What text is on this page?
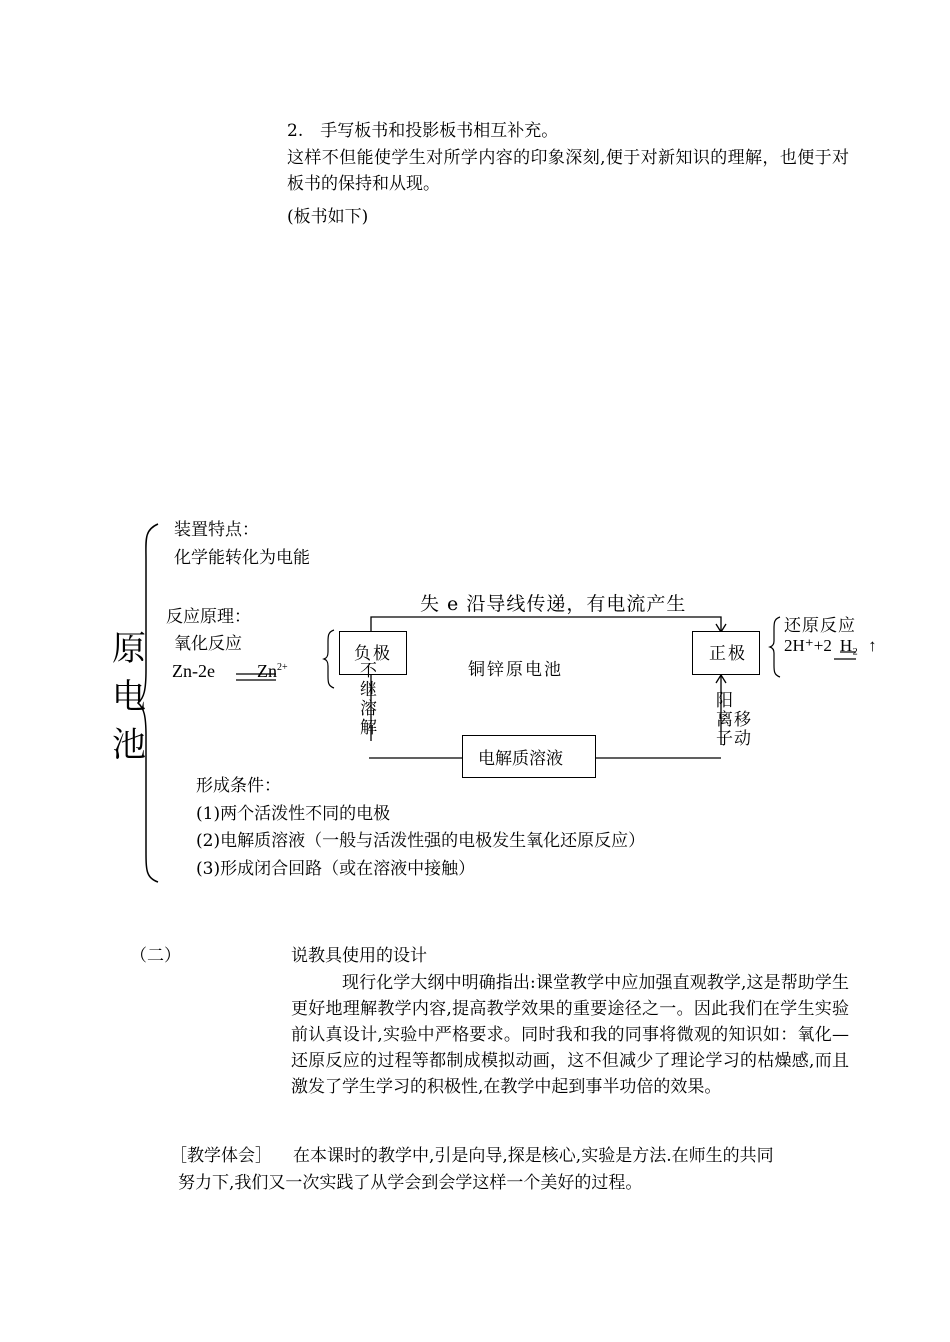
2.　手写板书和投影板书相互补充。
这样不但能使学生对所学内容的印象深刻,便于对新知识的理解，也便于对板书的保持和从现。
(板书如下)
原
电
池
装置特点：
化学能转化为电能
反应原理：
氧化反应
Zn-2e $Zn^{2+}$
失 e 沿导线传递，有电流产生
负极	正极
铜锌原电池
不
继
溶
解
阳
离
子
移
动
电解质溶液
还原反应
2H⁺+2 H₂ ↑
形成条件：
(1)两个活泼性不同的电极
(2)电解质溶液（一般与活泼性强的电极发生氧化还原反应）
(3)形成闭合回路（或在溶液中接触）
（二）	说教具使用的设计
现行化学大纲中明确指出:课堂教学中应加强直观教学,这是帮助学生更好地理解教学内容,提高教学效果的重要途径之一。因此我们在学生实验前认真设计,实验中严格要求。同时我和我的同事将微观的知识如：氧化—还原反应的过程等都制成模拟动画，这不但减少了理论学习的枯燥感,而且激发了学生学习的积极性,在教学中起到事半功倍的效果。
［教学体会］ 在本课时的教学中,引是向导,探是核心,实验是方法.在师生的共同
努力下,我们又一次实践了从学会到会学这样一个美好的过程。
